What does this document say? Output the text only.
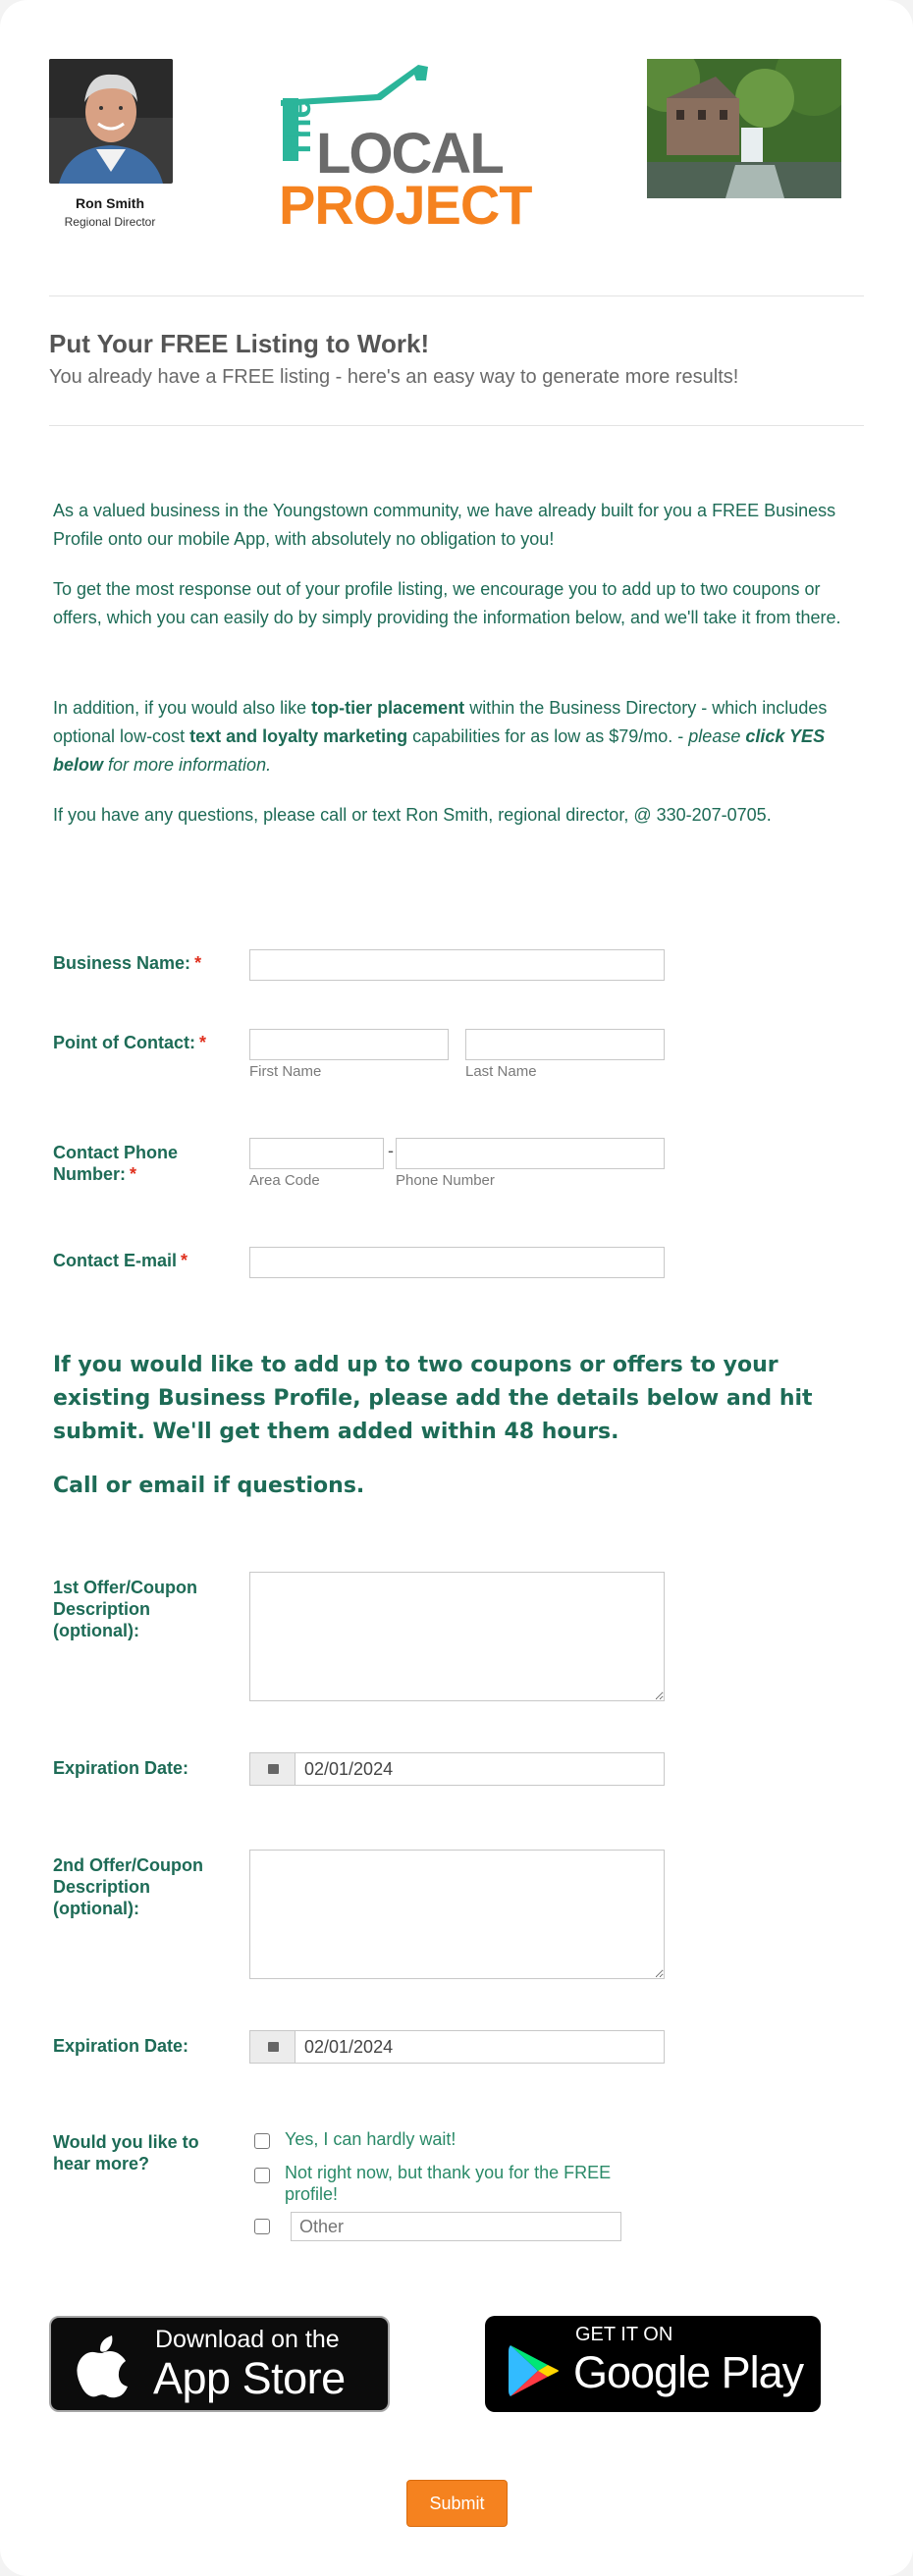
Ron Smith
Regional Director
The
LOCAL
PROJECT
Put Your FREE Listing to Work!
You already have a FREE listing - here's an easy way to generate more results!
As a valued business in the Youngstown community, we have already built for you a FREE Business Profile onto our mobile App, with absolutely no obligation to you!
To get the most response out of your profile listing, we encourage you to add up to two coupons or offers, which you can easily do by simply providing the information below, and we'll take it from there.
In addition, if you would also like top-tier placement within the Business Directory - which includes optional low-cost text and loyalty marketing capabilities for as low as $79/mo. - please click YES below for more information.
If you have any questions, please call or text Ron Smith, regional director, @ 330-207-0705.
Business Name: *
Point of Contact: *
First Name	Last Name
Contact Phone Number: *
-
Area Code	Phone Number
Contact E-mail *
If you would like to add up to two coupons or offers to your existing Business Profile, please add the details below and hit submit. We'll get them added within 48 hours.
Call or email if questions.
1st Offer/Coupon Description (optional):
Expiration Date:	02/01/2024
2nd Offer/Coupon Description (optional):
Expiration Date:	02/01/2024
Would you like to hear more?
Yes, I can hardly wait!
Not right now, but thank you for the FREE profile!
Other
Download on the
App Store
GET IT ON
Google Play
Submit
